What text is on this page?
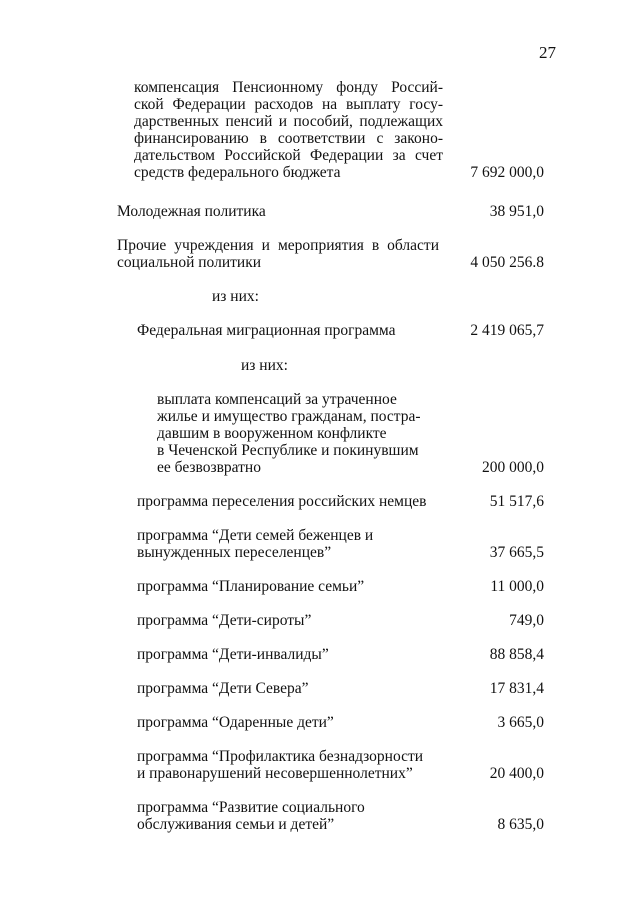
27
компенсация Пенсионному фонду Россий-
ской Федерации расходов на выплату госу-
дарственных пенсий и пособий, подлежащих
финансированию в соответствии с законо-
дательством Российской Федерации за счет
средств федерального бюджета	7 692 000,0
Молодежная политика	38 951,0
Прочие учреждения и мероприятия в области
социальной политики	4 050 256.8
из них:
Федеральная миграционная программа	2 419 065,7
из них:
выплата компенсаций за утраченное
жилье и имущество гражданам, постра-
давшим в вооруженном конфликте
в Чеченской Республике и покинувшим
ее безвозвратно	200 000,0
программа переселения российских немцев	51 517,6
программа “Дети семей беженцев и
вынужденных переселенцев”	37 665,5
программа “Планирование семьи”	11 000,0
программа “Дети-сироты”	749,0
программа “Дети-инвалиды”	88 858,4
программа “Дети Севера”	17 831,4
программа “Одаренные дети”	3 665,0
программа “Профилактика безнадзорности
и правонарушений несовершеннолетних”	20 400,0
программа “Развитие социального
обслуживания семьи и детей”	8 635,0
